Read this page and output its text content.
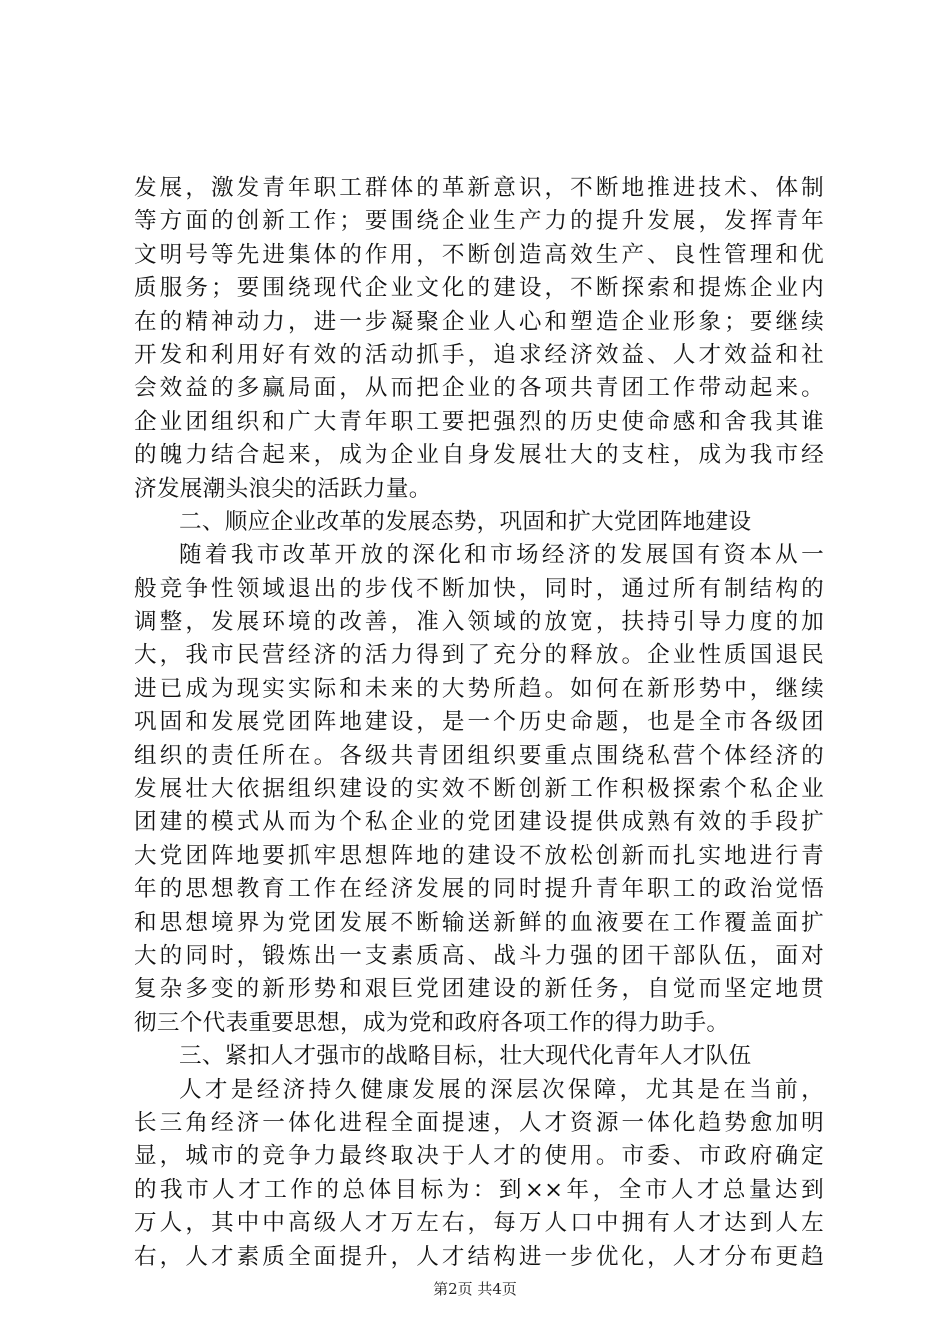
发展，激发青年职工群体的革新意识，不断地推进技术、体制
等方面的创新工作；要围绕企业生产力的提升发展，发挥青年
文明号等先进集体的作用，不断创造高效生产、良性管理和优
质服务；要围绕现代企业文化的建设，不断探索和提炼企业内
在的精神动力，进一步凝聚企业人心和塑造企业形象；要继续
开发和利用好有效的活动抓手，追求经济效益、人才效益和社
会效益的多赢局面，从而把企业的各项共青团工作带动起来。
企业团组织和广大青年职工要把强烈的历史使命感和舍我其谁
的魄力结合起来，成为企业自身发展壮大的支柱，成为我市经
济发展潮头浪尖的活跃力量。
二、顺应企业改革的发展态势，巩固和扩大党团阵地建设
随着我市改革开放的深化和市场经济的发展国有资本从一
般竞争性领域退出的步伐不断加快，同时，通过所有制结构的
调整，发展环境的改善，准入领域的放宽，扶持引导力度的加
大，我市民营经济的活力得到了充分的释放。企业性质国退民
进已成为现实实际和未来的大势所趋。如何在新形势中，继续
巩固和发展党团阵地建设，是一个历史命题，也是全市各级团
组织的责任所在。各级共青团组织要重点围绕私营个体经济的
发展壮大依据组织建设的实效不断创新工作积极探索个私企业
团建的模式从而为个私企业的党团建设提供成熟有效的手段扩
大党团阵地要抓牢思想阵地的建设不放松创新而扎实地进行青
年的思想教育工作在经济发展的同时提升青年职工的政治觉悟
和思想境界为党团发展不断输送新鲜的血液要在工作覆盖面扩
大的同时，锻炼出一支素质高、战斗力强的团干部队伍，面对
复杂多变的新形势和艰巨党团建设的新任务，自觉而坚定地贯
彻三个代表重要思想，成为党和政府各项工作的得力助手。
三、紧扣人才强市的战略目标，壮大现代化青年人才队伍
人才是经济持久健康发展的深层次保障，尤其是在当前，
长三角经济一体化进程全面提速，人才资源一体化趋势愈加明
显，城市的竞争力最终取决于人才的使用。市委、市政府确定
的我市人才工作的总体目标为：到××年，全市人才总量达到
万人，其中中高级人才万左右，每万人口中拥有人才达到人左
右，人才素质全面提升，人才结构进一步优化，人才分布更趋
第2页 共4页
